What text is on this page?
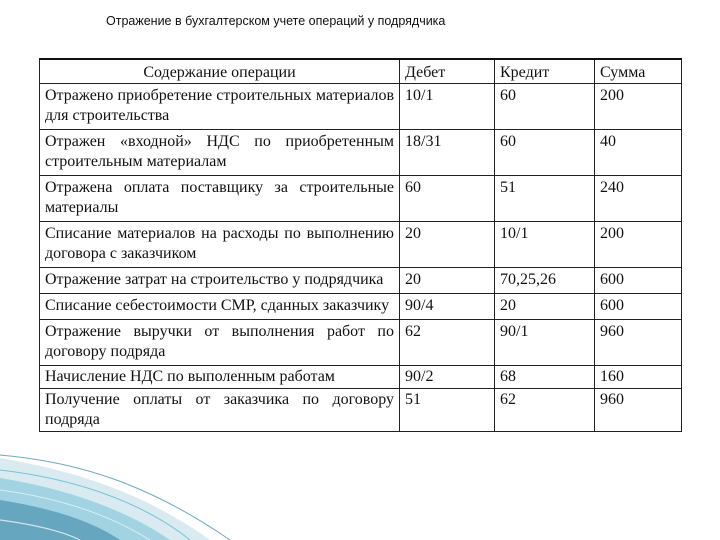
Отражение в бухгалтерском учете операций у подрядчика
Содержание операции	Дебет	Кредит	Сумма
Отражено приобретение строительных материалов для строительства	10/1	60	200
Отражен «входной» НДС по приобретенным строительным материалам	18/31	60	40
Отражена оплата поставщику за строительные материалы	60	51	240
Списание материалов на расходы по выполнению договора с заказчиком	20	10/1	200
Отражение затрат на строительство у подрядчика	20	70,25,26	600
Списание себестоимости СМР, сданных заказчику	90/4	20	600
Отражение выручки от выполнения работ по договору подряда	62	90/1	960
Начисление НДС по выполенным работам	90/2	68	160
Получение оплаты от заказчика по договору подряда	51	62	960
